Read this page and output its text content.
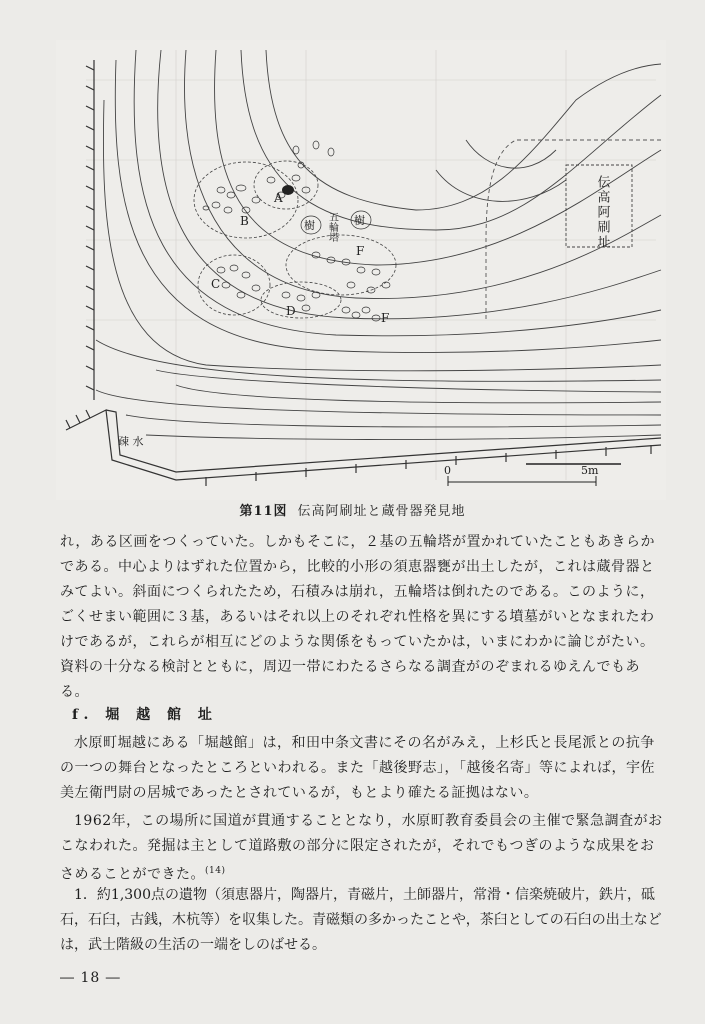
A
B
C
D
F
F
樹	樹
五輪塔	伝高阿刷址
疎 水
0	5m
第11図 伝高阿刷址と蔵骨器発見地

れ，ある区画をつくっていた。しかもそこに，２基の五輪塔が置かれていたこともあきらかである。中心よりはずれた位置から，比較的小形の須恵器甕が出土したが，これは蔵骨器とみてよい。斜面につくられたため，石積みは崩れ，五輪塔は倒れたのである。このように，ごくせまい範囲に３基，あるいはそれ以上のそれぞれ性格を異にする墳墓がいとなまれたわけであるが，これらが相互にどのような関係をもっていたかは，いまにわかに論じがたい。資料の十分なる検討とともに，周辺一帯にわたるさらなる調査がのぞまれるゆえんでもある。

f. 堀 越 館 址

水原町堀越にある「堀越館」は，和田中条文書にその名がみえ，上杉氏と長尾派との抗争の一つの舞台となったところといわれる。また「越後野志」，「越後名寄」等によれば，宇佐美左衛門尉の居城であったとされているが，もとより確たる証拠はない。

1962年，この場所に国道が貫通することとなり，水原町教育委員会の主催で緊急調査がおこなわれた。発掘は主として道路敷の部分に限定されたが，それでもつぎのような成果をおさめることができた。$^{(14)}$

1．約1,300点の遺物（須恵器片，陶器片，青磁片，土師器片，常滑・信楽焼破片，鉄片，砥石，石臼，古銭，木杭等）を収集した。青磁類の多かったことや，茶臼としての石臼の出土などは，武士階級の生活の一端をしのばせる。

― 18 ―
